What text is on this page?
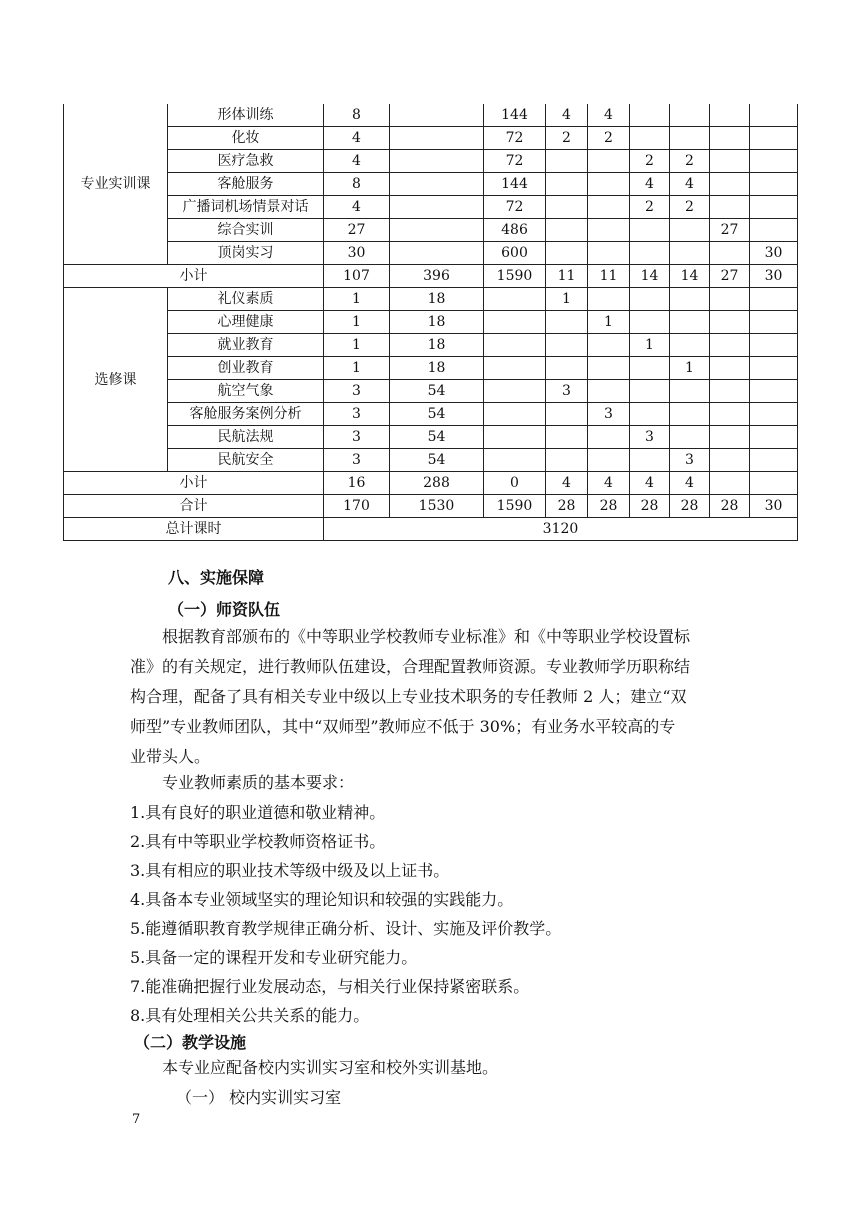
专业实训课	形体训练	8		144	4	4				
	化妆	4		72	2	2				
	医疗急救	4		72			2	2		
	客舱服务	8		144			4	4		
	广播词机场情景对话	4		72			2	2		
	综合实训	27		486					27	
	顶岗实习	30		600						30
小计		107	396	1590	11	11	14	14	27	30
选修课	礼仪素质	1	18		1					
	心理健康	1	18			1				
	就业教育	1	18				1			
	创业教育	1	18					1		
	航空气象	3	54		3					
	客舱服务案例分析	3	54			3				
	民航法规	3	54				3			
	民航安全	3	54					3		
小计		16	288	0	4	4	4	4		
合计		170	1530	1590	28	28	28	28	28	30
总计课时		3120								
八、实施保障
（一）师资队伍
根据教育部颁布的《中等职业学校教师专业标准》和《中等职业学校设置标
准》的有关规定，进行教师队伍建设，合理配置教师资源。专业教师学历职称结
构合理，配备了具有相关专业中级以上专业技术职务的专任教师 2 人；建立“双
师型”专业教师团队，其中“双师型”教师应不低于 30%；有业务水平较高的专
业带头人。
专业教师素质的基本要求：
1.具有良好的职业道德和敬业精神。
2.具有中等职业学校教师资格证书。
3.具有相应的职业技术等级中级及以上证书。
4.具备本专业领域坚实的理论知识和较强的实践能力。
5.能遵循职教育教学规律正确分析、设计、实施及评价教学。
5.具备一定的课程开发和专业研究能力。
7.能准确把握行业发展动态，与相关行业保持紧密联系。
8.具有处理相关公共关系的能力。
（二）教学设施
本专业应配备校内实训实习室和校外实训基地。
（一） 校内实训实习室
7
